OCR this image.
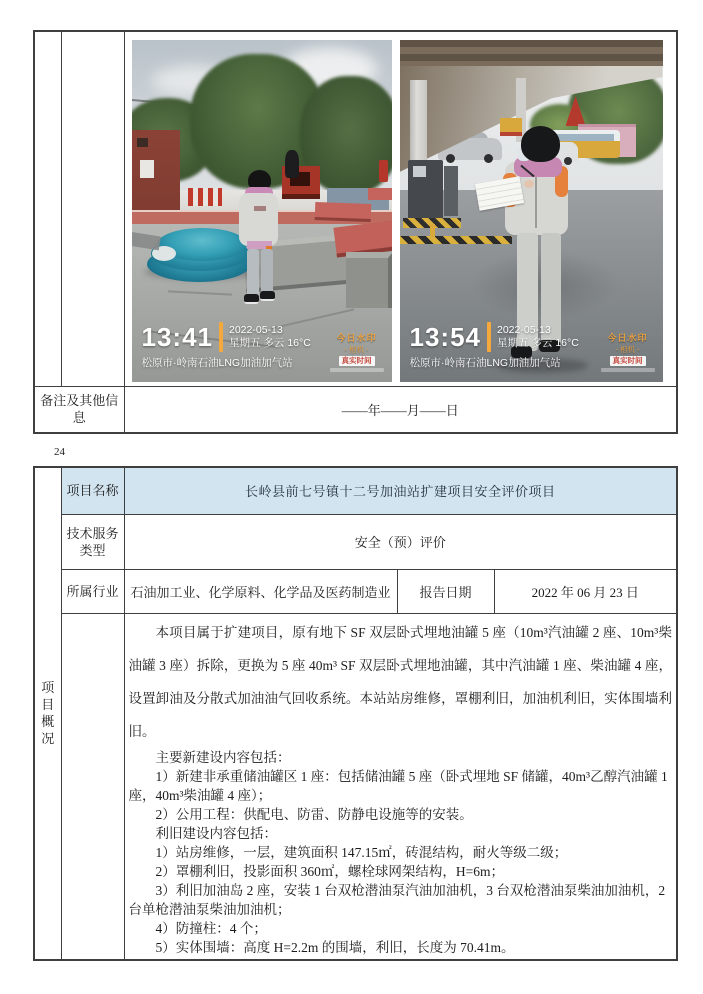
13:41 2022-05-13
星期五 多云 16°C
松原市·岭南石油LNG加油加气站
今日水印
- 相机 -
真实时间
13:54 2022-05-13
星期五 多云 16°C
松原市·岭南石油LNG加油加气站
今日水印
- 相机 -
真实时间

备注及其他信息		——年——月——日
24
项目概况	项目名称	长岭县前七号镇十二号加油站扩建项目安全评价项目		
	技术服务类型	安全（预）评价		
	所属行业	石油加工业、化学原料、化学品及医药制造业	报告日期	2022 年 06 月 23 日

本项目属于扩建项目，原有地下 SF 双层卧式埋地油罐 5 座（10m³汽油罐 2 座、10m³柴油罐 3 座）拆除，更换为 5 座 40m³ SF 双层卧式埋地油罐，其中汽油罐 1 座、柴油罐 4 座，设置卸油及分散式加油油气回收系统。本站站房维修，罩棚利旧，加油机利旧，实体围墙利旧。

主要新建设内容包括：

1）新建非承重储油罐区 1 座：包括储油罐 5 座（卧式埋地 SF 储罐，40m³乙醇汽油罐 1 座，40m³柴油罐 4 座）；

2）公用工程：供配电、防雷、防静电设施等的安装。

利旧建设内容包括：

1）站房维修，一层，建筑面积 147.15㎡，砖混结构，耐火等级二级；

2）罩棚利旧，投影面积 360㎡，螺栓球网架结构，H=6m；

3）利旧加油岛 2 座，安装 1 台双枪潜油泵汽油加油机，3 台双枪潜油泵柴油加油机，2 台单枪潜油泵柴油加油机；

4）防撞柱：4 个；

5）实体围墙：高度 H=2.2m 的围墙，利旧，长度为 70.41m。
